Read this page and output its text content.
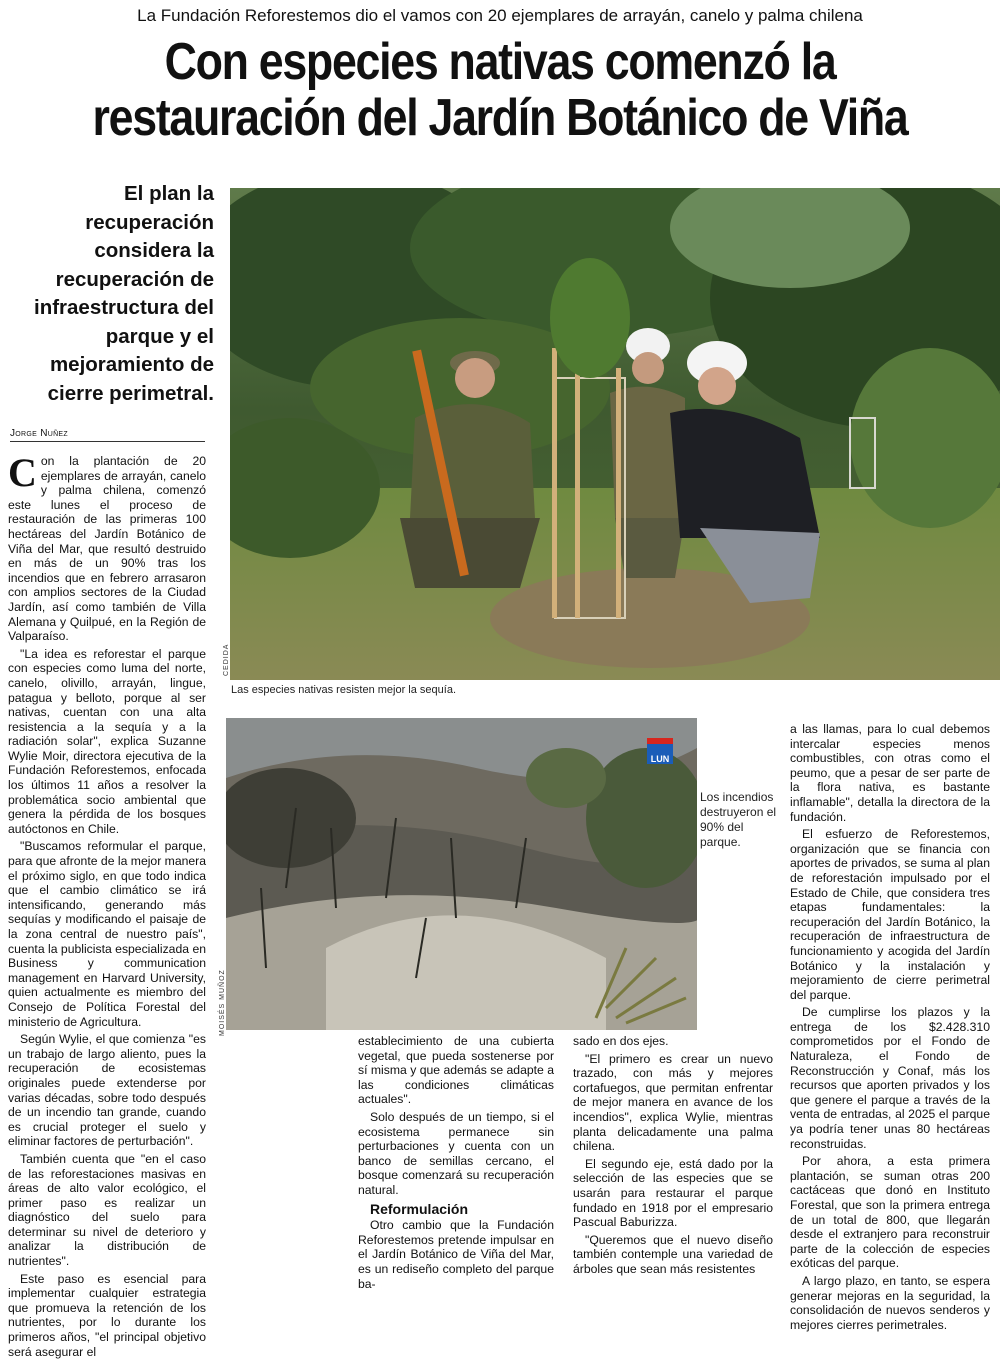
La Fundación Reforestemos dio el vamos con 20 ejemplares de arrayán, canelo y palma chilena
Con especies nativas comenzó la
restauración del Jardín Botánico de Viña
El plan la recuperación considera la recuperación de infraestructura del parque y el mejoramiento de cierre perimetral.
Jorge Nuñez
CEDIDA
Las especies nativas resisten mejor la sequía.
LUN
MOISÉS MUÑOZ
Los incendios destruyeron el 90% del parque.

Con la plantación de 20 ejemplares de arrayán, canelo y palma chilena, comenzó este lunes el proceso de restauración de las primeras 100 hectáreas del Jardín Botánico de Viña del Mar, que resultó destruido en más de un 90% tras los incendios que en febrero arrasaron con amplios sectores de la Ciudad Jardín, así como también de Villa Alemana y Quilpué, en la Región de Valparaíso.

"La idea es reforestar el parque con especies como luma del norte, canelo, olivillo, arrayán, lingue, patagua y belloto, porque al ser nativas, cuentan con una alta resistencia a la sequía y a la radiación solar", explica Suzanne Wylie Moir, directora ejecutiva de la Fundación Reforestemos, enfocada los últimos 11 años a resolver la problemática socio ambiental que genera la pérdida de los bosques autóctonos en Chile.

"Buscamos reformular el parque, para que afronte de la mejor manera el próximo siglo, en que todo indica que el cambio climático se irá intensificando, generando más sequías y modificando el paisaje de la zona central de nuestro país", cuenta la publicista especializada en Business y communication management en Harvard University, quien actualmente es miembro del Consejo de Política Forestal del ministerio de Agricultura.

Según Wylie, el que comienza "es un trabajo de largo aliento, pues la recuperación de ecosistemas originales puede extenderse por varias décadas, sobre todo después de un incendio tan grande, cuando es crucial proteger el suelo y eliminar factores de perturbación".

También cuenta que "en el caso de las reforestaciones masivas en áreas de alto valor ecológico, el primer paso es realizar un diagnóstico del suelo para determinar su nivel de deterioro y analizar la distribución de nutrientes".

Este paso es esencial para implementar cualquier estrategia que promueva la retención de los nutrientes, por lo durante los primeros años, "el principal objetivo será asegurar el

establecimiento de una cubierta vegetal, que pueda sostenerse por sí misma y que además se adapte a las condiciones climáticas actuales".

Solo después de un tiempo, si el ecosistema permanece sin perturbaciones y cuenta con un banco de semillas cercano, el bosque comenzará su recuperación natural.

Reformulación

Otro cambio que la Fundación Reforestemos pretende impulsar en el Jardín Botánico de Viña del Mar, es un rediseño completo del parque ba-

sado en dos ejes.

"El primero es crear un nuevo trazado, con más y mejores cortafuegos, que permitan enfrentar de mejor manera en avance de los incendios", explica Wylie, mientras planta delicadamente una palma chilena.

El segundo eje, está dado por la selección de las especies que se usarán para restaurar el parque fundado en 1918 por el empresario Pascual Baburizza.

"Queremos que el nuevo diseño también contemple una variedad de árboles que sean más resistentes

a las llamas, para lo cual debemos intercalar especies menos combustibles, con otras como el peumo, que a pesar de ser parte de la flora nativa, es bastante inflamable", detalla la directora de la fundación.

El esfuerzo de Reforestemos, organización que se financia con aportes de privados, se suma al plan de reforestación impulsado por el Estado de Chile, que considera tres etapas fundamentales: la recuperación del Jardín Botánico, la recuperación de infraestructura de funcionamiento y acogida del Jardín Botánico y la instalación y mejoramiento de cierre perimetral del parque.

De cumplirse los plazos y la entrega de los $2.428.310 comprometidos por el Fondo de Naturaleza, el Fondo de Reconstrucción y Conaf, más los recursos que aporten privados y los que genere el parque a través de la venta de entradas, al 2025 el parque ya podría tener unas 80 hectáreas reconstruidas.

Por ahora, a esta primera plantación, se suman otras 200 cactáceas que donó en Instituto Forestal, que son la primera entrega de un total de 800, que llegarán desde el extranjero para reconstruir parte de la colección de especies exóticas del parque.

A largo plazo, en tanto, se espera generar mejoras en la seguridad, la consolidación de nuevos senderos y mejores cierres perimetrales.
